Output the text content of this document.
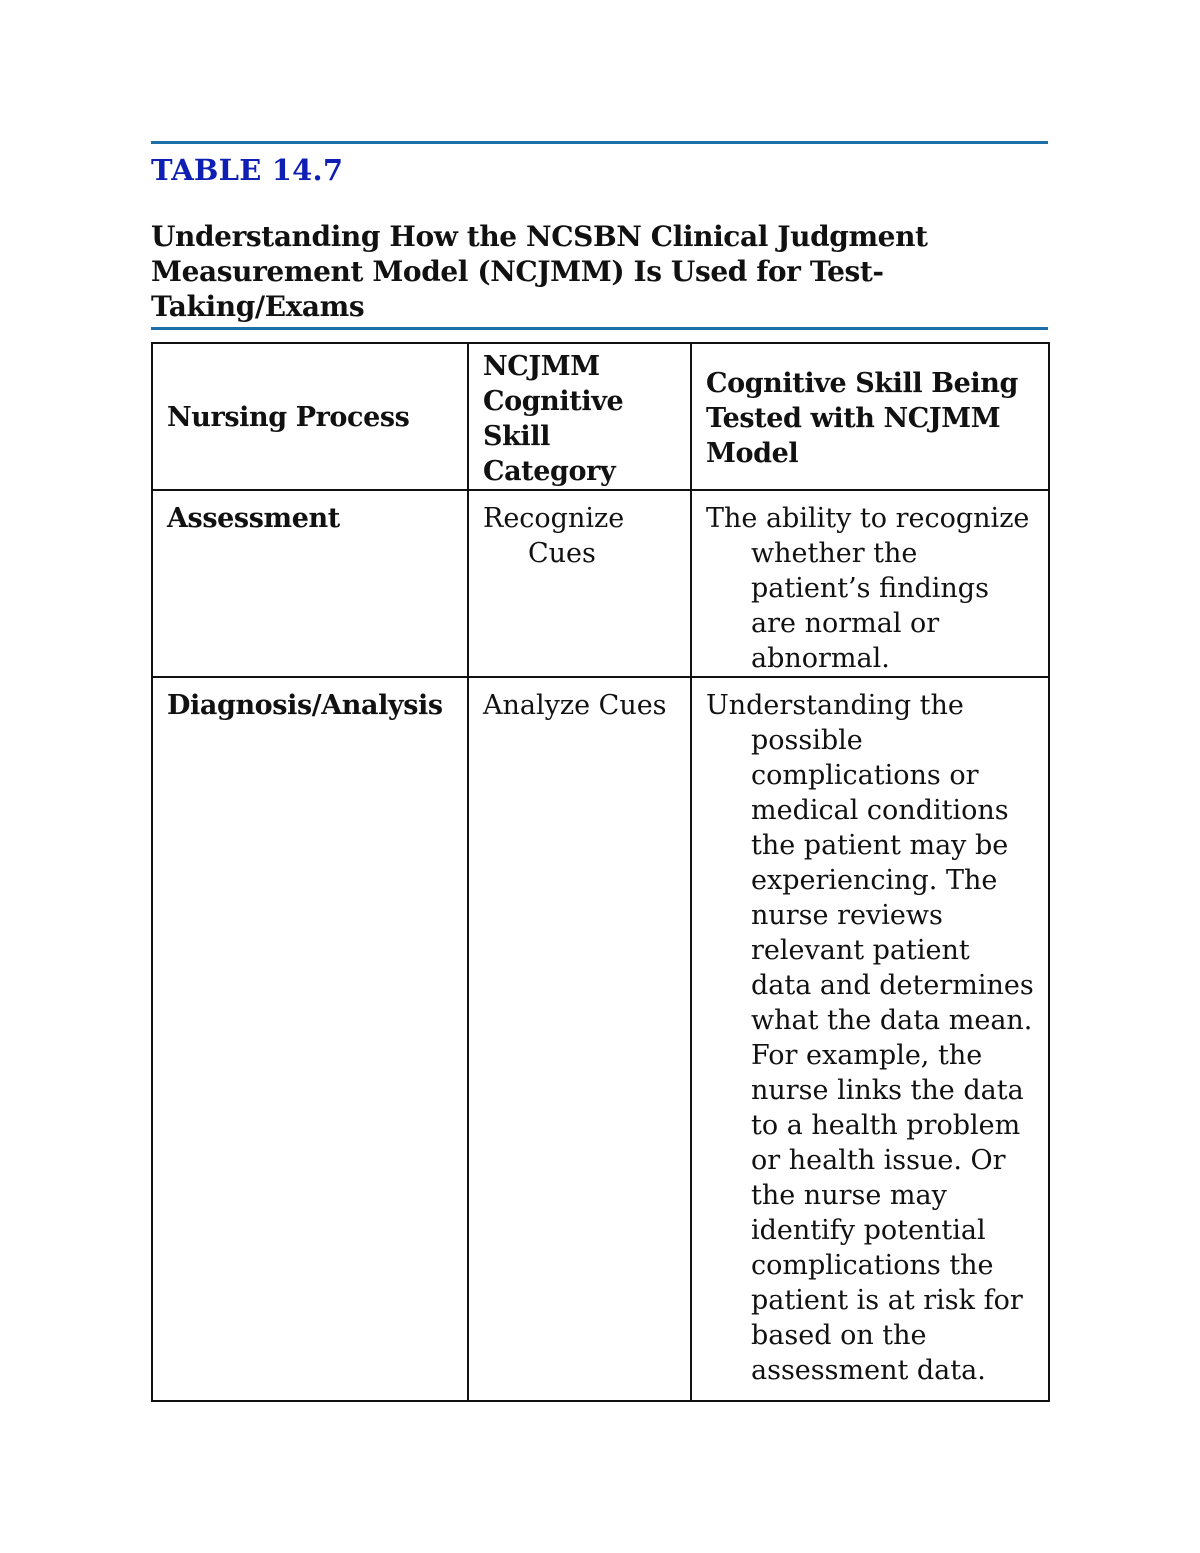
TABLE 14.7
Understanding How the NCSBN Clinical Judgment Measurement Model (NCJMM) Is Used for Test-Taking/Exams
Nursing Process	NCJMM Cognitive Skill Category	Cognitive Skill Being Tested with NCJMM Model

Assessment	Recognize Cues	The ability to recognize whether the patient’s findings are normal or abnormal.

Diagnosis/Analysis	Analyze Cues	Understanding the possible complications or medical conditions the patient may be experiencing. The nurse reviews relevant patient data and determines what the data mean. For example, the nurse links the data to a health problem or health issue. Or the nurse may identify potential complications the patient is at risk for based on the assessment data.
